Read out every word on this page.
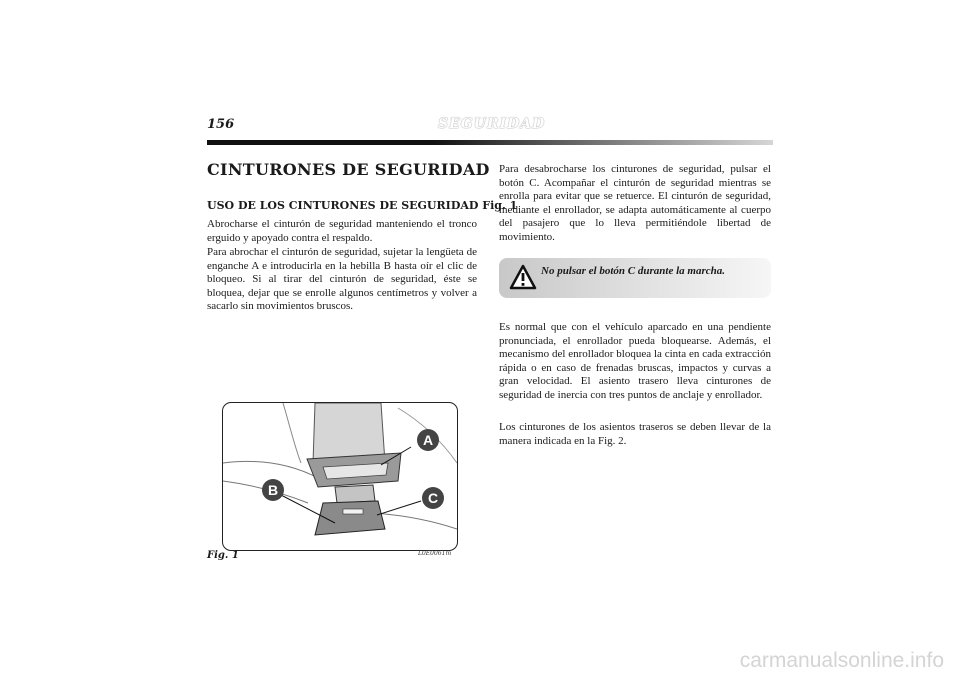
156	SEGURIDAD
CINTURONES DE SEGURIDAD
USO DE LOS CINTURONES DE SEGURIDAD Fig. 1

Abrocharse el cinturón de seguridad manteniendo el tronco erguido y apoyado contra el respaldo.

Para abrochar el cinturón de seguridad, sujetar la lengüeta de enganche A e introducirla en la hebilla B hasta oír el clic de bloqueo. Si al tirar del cinturón de seguridad, éste se bloquea, dejar que se enrolle algunos centímetros y volver a sacarlo sin movimientos bruscos.

A
B	C
L0E0061m
Fig. 1

Para desabrocharse los cinturones de seguridad, pulsar el botón C. Acompañar el cinturón de seguridad mientras se enrolla para evitar que se retuerce. El cinturón de seguridad, mediante el enrollador, se adapta automáticamente al cuerpo del pasajero que lo lleva permitiéndole libertad de movimiento.

No pulsar el botón C durante la marcha.

Es normal que con el vehículo aparcado en una pendiente pronunciada, el enrollador pueda bloquearse. Además, el mecanismo del enrollador bloquea la cinta en cada extracción rápida o en caso de frenadas bruscas, impactos y curvas a gran velocidad. El asiento trasero lleva cinturones de seguridad de inercia con tres puntos de anclaje y enrollador.

Los cinturones de los asientos traseros se deben llevar de la manera indicada en la Fig. 2.

carmanualsonline.info
